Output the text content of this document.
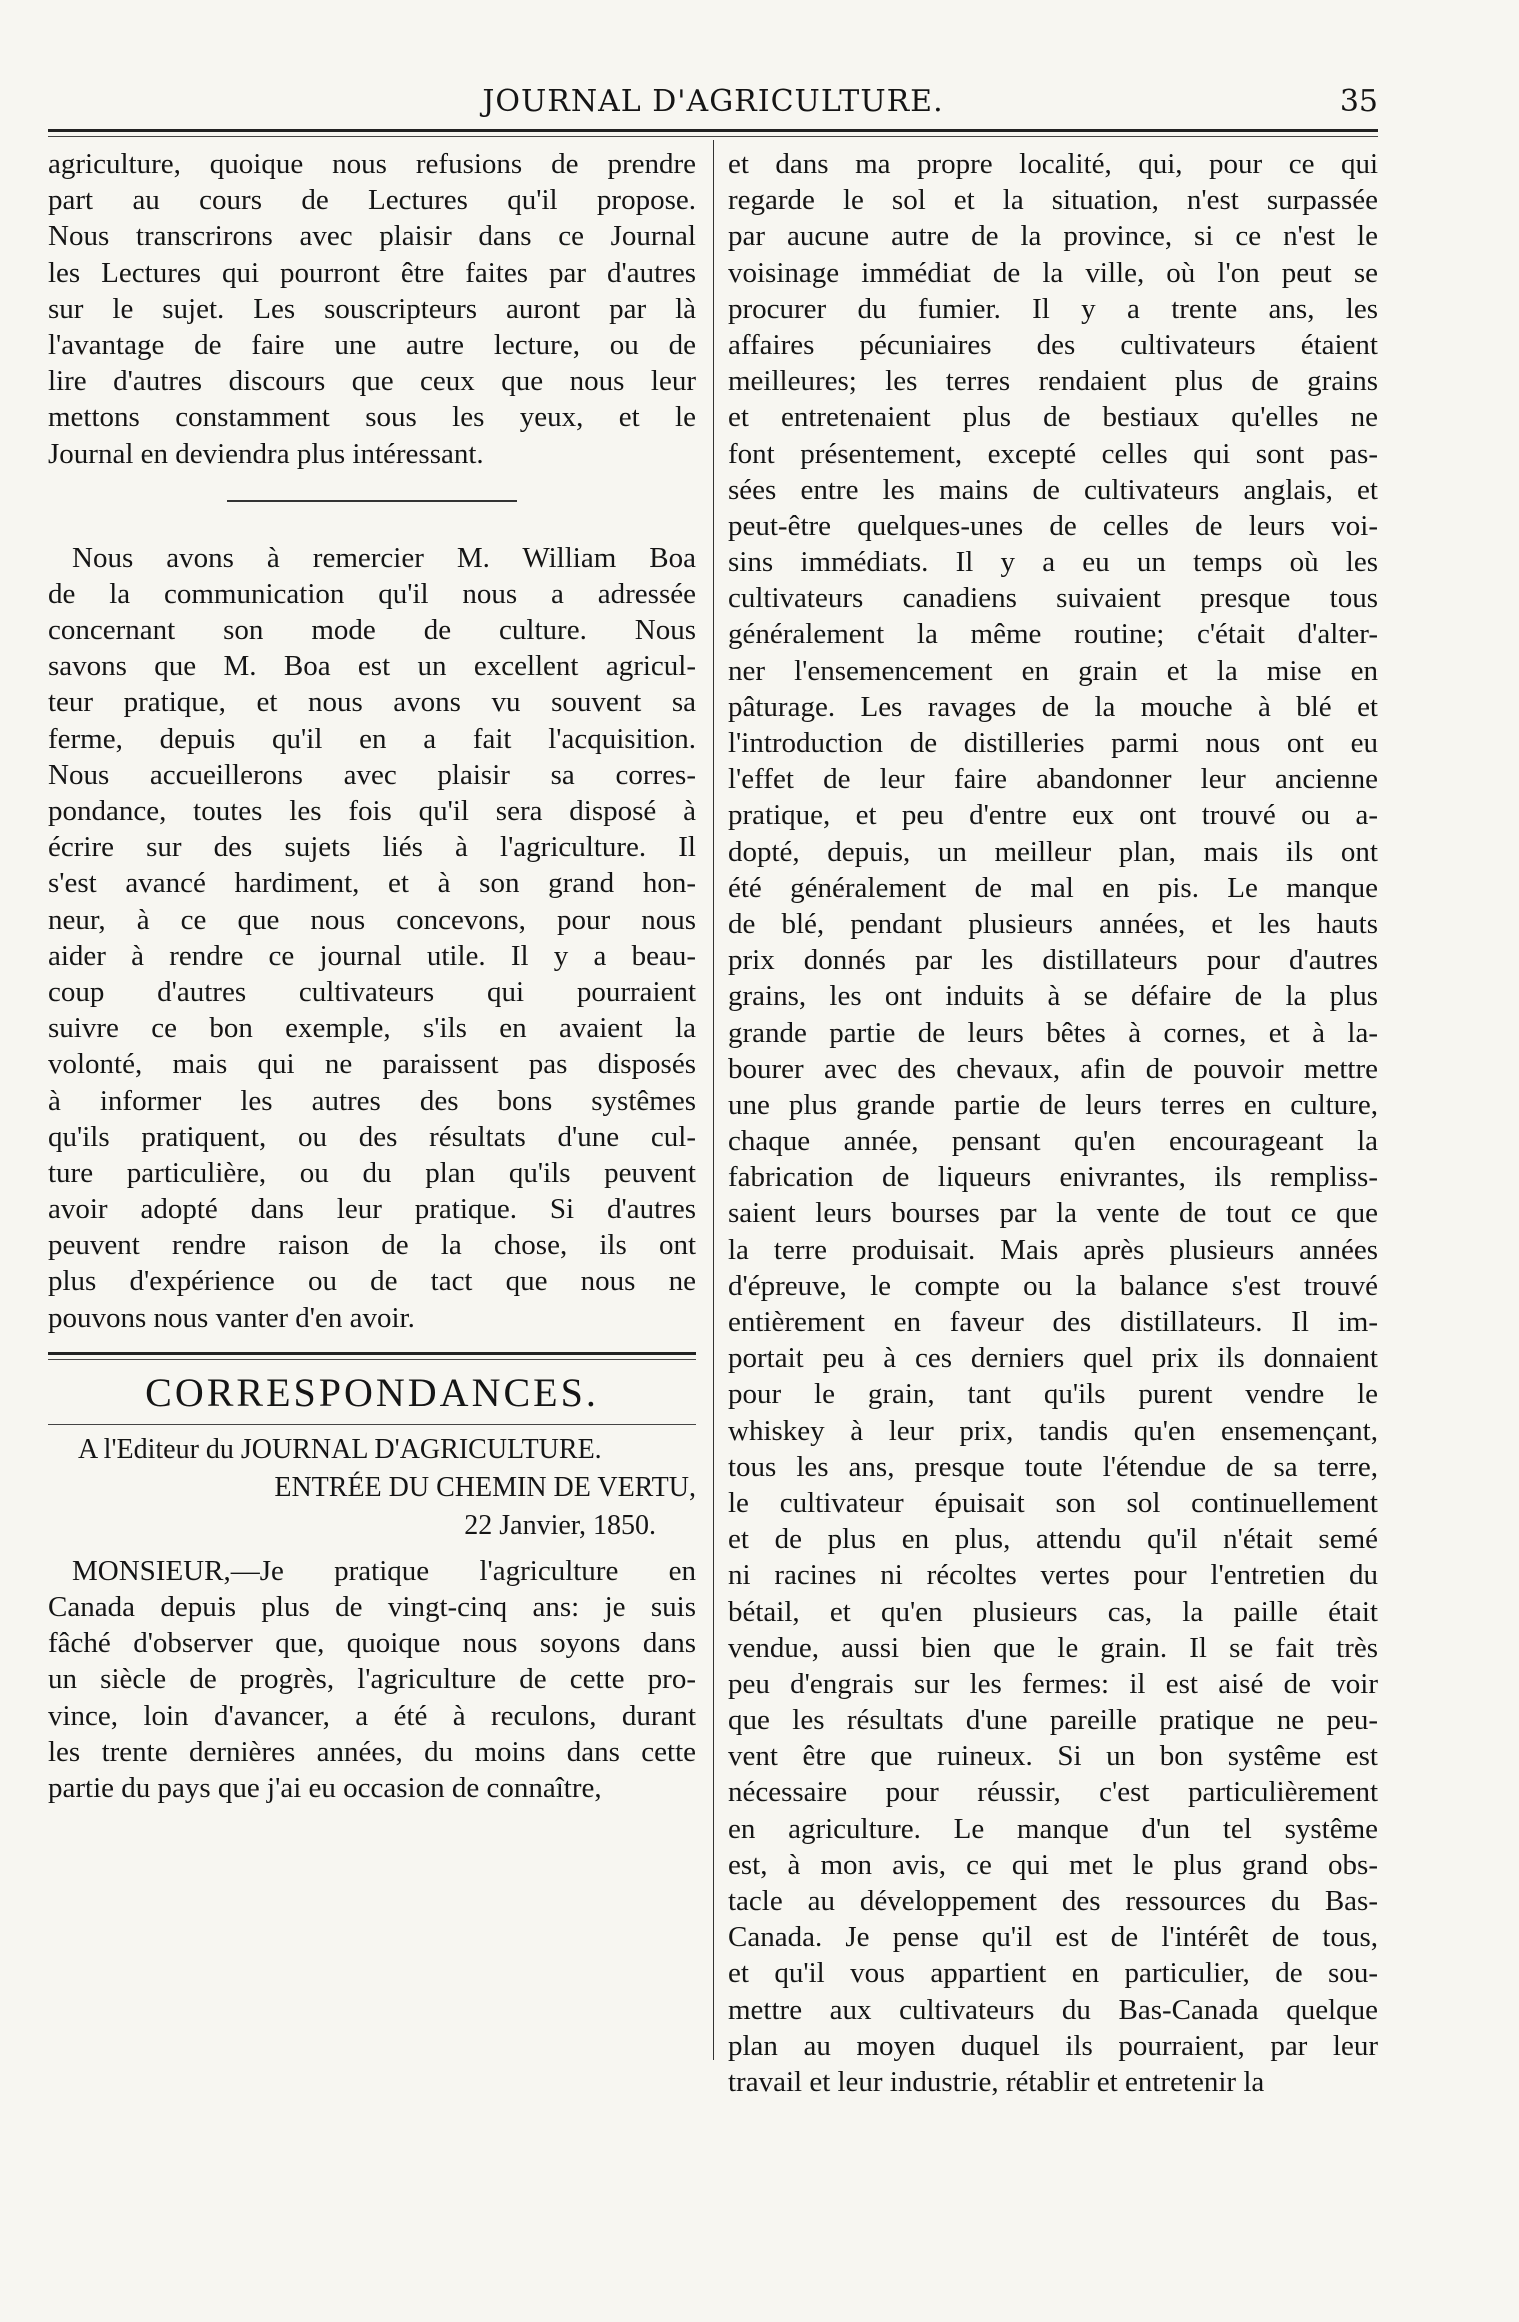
JOURNAL D'AGRICULTURE.	35
agriculture, quoique nous refusions de prendre
part au cours de Lectures qu'il propose.
Nous transcrirons avec plaisir dans ce Journal
les Lectures qui pourront être faites par d'autres
sur le sujet. Les souscripteurs auront par là
l'avantage de faire une autre lecture, ou de
lire d'autres discours que ceux que nous leur
mettons constamment sous les yeux, et le
Journal en deviendra plus intéressant.
Nous avons à remercier M. William Boa
de la communication qu'il nous a adressée
concernant son mode de culture. Nous
savons que M. Boa est un excellent agricul-
teur pratique, et nous avons vu souvent sa
ferme, depuis qu'il en a fait l'acquisition.
Nous accueillerons avec plaisir sa corres-
pondance, toutes les fois qu'il sera disposé à
écrire sur des sujets liés à l'agriculture. Il
s'est avancé hardiment, et à son grand hon-
neur, à ce que nous concevons, pour nous
aider à rendre ce journal utile. Il y a beau-
coup d'autres cultivateurs qui pourraient
suivre ce bon exemple, s'ils en avaient la
volonté, mais qui ne paraissent pas disposés
à informer les autres des bons systêmes
qu'ils pratiquent, ou des résultats d'une cul-
ture particulière, ou du plan qu'ils peuvent
avoir adopté dans leur pratique. Si d'autres
peuvent rendre raison de la chose, ils ont
plus d'expérience ou de tact que nous ne
pouvons nous vanter d'en avoir.
CORRESPONDANCES.
A l'Editeur du JOURNAL D'AGRICULTURE.
ENTRÉE DU CHEMIN DE VERTU,
22 Janvier, 1850.
MONSIEUR,—Je pratique l'agriculture en
Canada depuis plus de vingt-cinq ans: je suis
fâché d'observer que, quoique nous soyons dans
un siècle de progrès, l'agriculture de cette pro-
vince, loin d'avancer, a été à reculons, durant
les trente dernières années, du moins dans cette
partie du pays que j'ai eu occasion de connaître,
et dans ma propre localité, qui, pour ce qui
regarde le sol et la situation, n'est surpassée
par aucune autre de la province, si ce n'est le
voisinage immédiat de la ville, où l'on peut se
procurer du fumier. Il y a trente ans, les
affaires pécuniaires des cultivateurs étaient
meilleures; les terres rendaient plus de grains
et entretenaient plus de bestiaux qu'elles ne
font présentement, excepté celles qui sont pas-
sées entre les mains de cultivateurs anglais, et
peut-être quelques-unes de celles de leurs voi-
sins immédiats. Il y a eu un temps où les
cultivateurs canadiens suivaient presque tous
généralement la même routine; c'était d'alter-
ner l'ensemencement en grain et la mise en
pâturage. Les ravages de la mouche à blé et
l'introduction de distilleries parmi nous ont eu
l'effet de leur faire abandonner leur ancienne
pratique, et peu d'entre eux ont trouvé ou a-
dopté, depuis, un meilleur plan, mais ils ont
été généralement de mal en pis. Le manque
de blé, pendant plusieurs années, et les hauts
prix donnés par les distillateurs pour d'autres
grains, les ont induits à se défaire de la plus
grande partie de leurs bêtes à cornes, et à la-
bourer avec des chevaux, afin de pouvoir mettre
une plus grande partie de leurs terres en culture,
chaque année, pensant qu'en encourageant la
fabrication de liqueurs enivrantes, ils rempliss-
saient leurs bourses par la vente de tout ce que
la terre produisait. Mais après plusieurs années
d'épreuve, le compte ou la balance s'est trouvé
entièrement en faveur des distillateurs. Il im-
portait peu à ces derniers quel prix ils donnaient
pour le grain, tant qu'ils purent vendre le
whiskey à leur prix, tandis qu'en ensemençant,
tous les ans, presque toute l'étendue de sa terre,
le cultivateur épuisait son sol continuellement
et de plus en plus, attendu qu'il n'était semé
ni racines ni récoltes vertes pour l'entretien du
bétail, et qu'en plusieurs cas, la paille était
vendue, aussi bien que le grain. Il se fait très
peu d'engrais sur les fermes: il est aisé de voir
que les résultats d'une pareille pratique ne peu-
vent être que ruineux. Si un bon systême est
nécessaire pour réussir, c'est particulièrement
en agriculture. Le manque d'un tel systême
est, à mon avis, ce qui met le plus grand obs-
tacle au développement des ressources du Bas-
Canada. Je pense qu'il est de l'intérêt de tous,
et qu'il vous appartient en particulier, de sou-
mettre aux cultivateurs du Bas-Canada quelque
plan au moyen duquel ils pourraient, par leur
travail et leur industrie, rétablir et entretenir la
